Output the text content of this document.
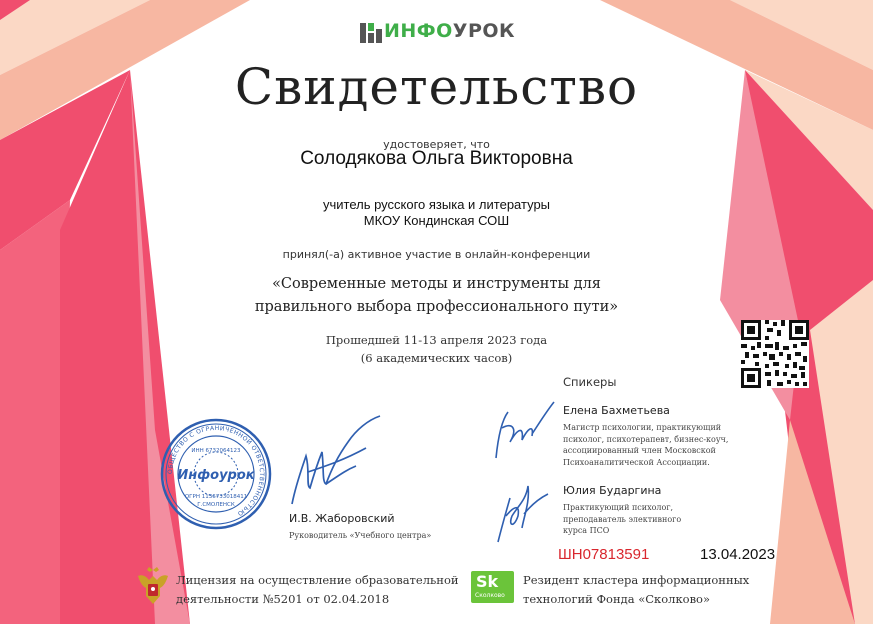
ИНФОУРОК
Свидетельство
удостоверяет, что
Солодякова Ольга Викторовна
учитель русского языка и литературы
МКОУ Кондинская СОШ
принял(-а) активное участие в онлайн-конференции
«Современные методы и инструменты для
правильного выбора профессионального пути»
Прошедшей 11-13 апреля 2023 года
(6 академических часов)
Спикеры
Елена Бахметьева
Магистр психологии, практикующий
психолог, психотерапевт, бизнес-коуч,
ассоциированный член Московской
Психоаналитической Ассоциации.
Юлия Бударгина
Практикующий психолог,
преподаватель элективного
курса ПСО
ОБЩЕСТВО С ОГРАНИЧЕННОЙ ОТВЕТСТВЕННОСТЬЮ
ИНН 6732064123
Инфоурок
ОГРН 1136733018411
Г.СМОЛЕНСК
И.В. Жаборовский
Руководитель «Учебного центра»
ШН07813591	13.04.2023
Лицензия на осуществление образовательной
деятельности №5201 от 02.04.2018
Sk
Сколково
Резидент кластера информационных
технологий Фонда «Сколково»
